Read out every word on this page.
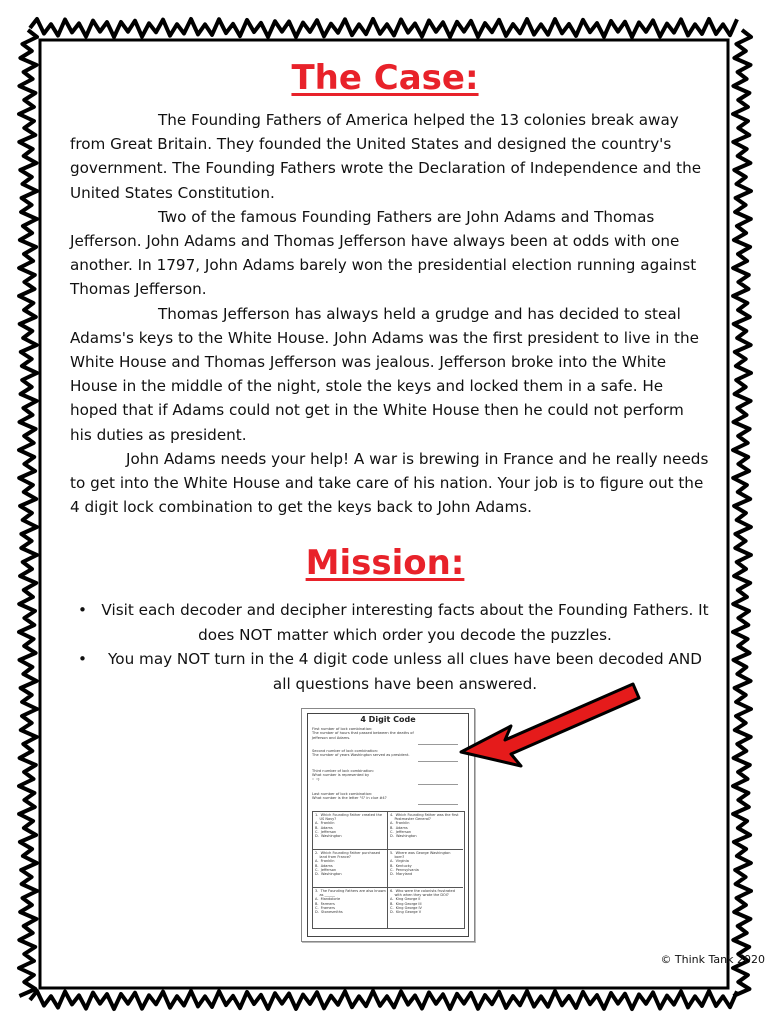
The Case:

The Founding Fathers of America helped the 13 colonies break away from Great Britain. They founded the United States and designed the country's government. The Founding Fathers wrote the Declaration of Independence and the United States Constitution.

Two of the famous Founding Fathers are John Adams and Thomas Jefferson. John Adams and Thomas Jefferson have always been at odds with one another. In 1797, John Adams barely won the presidential election running against Thomas Jefferson.

Thomas Jefferson has always held a grudge and has decided to steal Adams's keys to the White House. John Adams was the first president to live in the White House and Thomas Jefferson was jealous. Jefferson broke into the White House in the middle of the night, stole the keys and locked them in a safe. He hoped that if Adams could not get in the White House then he could not perform his duties as president.

John Adams needs your help! A war is brewing in France and he really needs to get into the White House and take care of his nation. Your job is to figure out the 4 digit lock combination to get the keys back to John Adams.

Mission:
• Visit each decoder and decipher interesting facts about the Founding Fathers. It does NOT matter which order you decode the puzzles.
• You may NOT turn in the 4 digit code unless all clues have been decoded AND all questions have been answered.
4 Digit Code
First number of lock combination:
The number of hours that passed between the deaths of
Jefferson and Adams.
Second number of lock combination:
The number of years Washington served as president.
Third number of lock combination:
What number is represented by
"  "?
Last number of lock combination:
What number is the letter "S" in clue #4?
1.  Which Founding Father created the
US Navy?
A.  Franklin
B.  Adams
C.  Jefferson
D.  Washington
4.  Which Founding Father was the first
Postmaster General?
A.  Franklin
B.  Adams
C.  Jefferson
D.  Washington
2.  Which Founding Father purchased
land from France?
A.  Franklin
B.  Adams
C.  Jefferson
D.  Washington
5.  Where was George Washington
born?
A.  Virginia
B.  Kentucky
C.  Pennsylvania
D.  Maryland
3.  The Founding Fathers are also known
as ______
A.  Mandolorie
B.  Farmers
C.  Framers
D.  Stonesmiths
6.  Who were the colonists frustrated
with when they wrote the DOI?
A.  King George II
B.  King George III
C.  King George IV
D.  King George V
© Think Tank 2020
